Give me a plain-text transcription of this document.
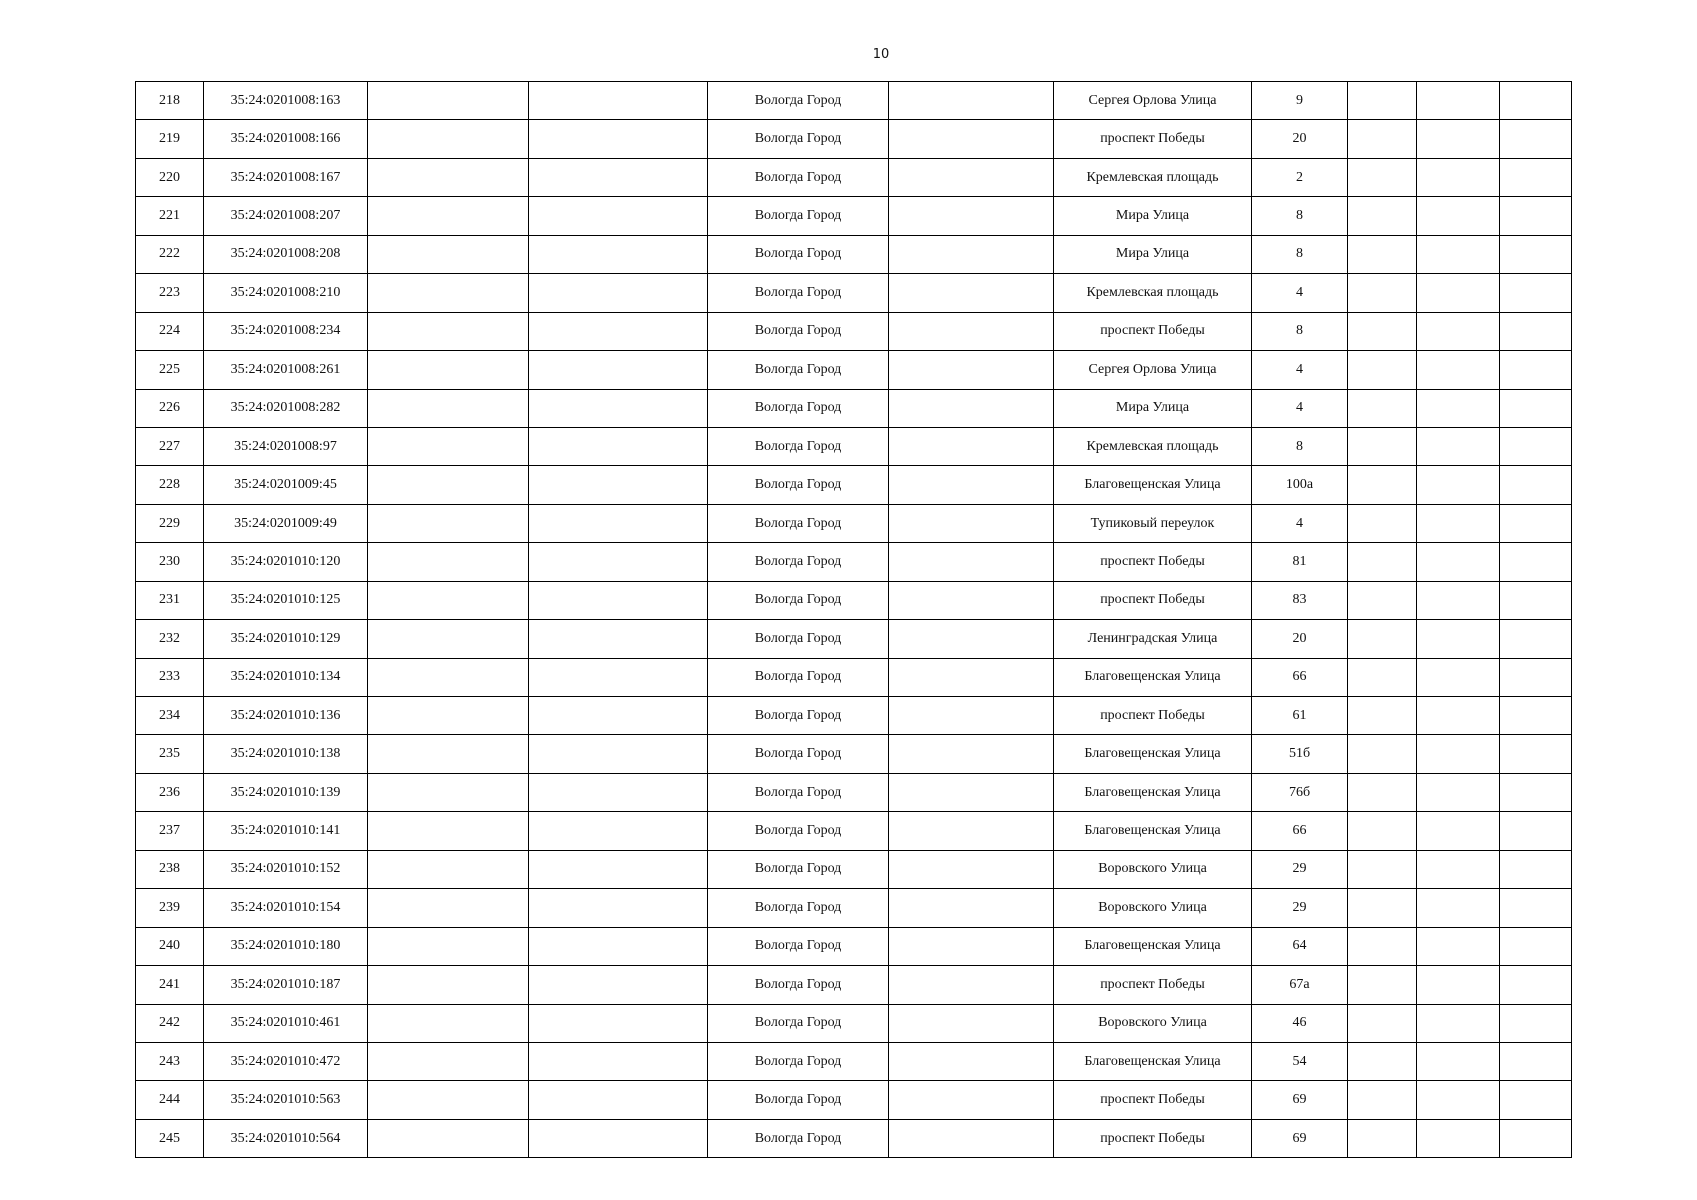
10
218	35:24:0201008:163			Вологда Город		Сергея Орлова Улица	9			
219	35:24:0201008:166			Вологда Город		проспект Победы	20			
220	35:24:0201008:167			Вологда Город		Кремлевская площадь	2			
221	35:24:0201008:207			Вологда Город		Мира Улица	8			
222	35:24:0201008:208			Вологда Город		Мира Улица	8			
223	35:24:0201008:210			Вологда Город		Кремлевская площадь	4			
224	35:24:0201008:234			Вологда Город		проспект Победы	8			
225	35:24:0201008:261			Вологда Город		Сергея Орлова Улица	4			
226	35:24:0201008:282			Вологда Город		Мира Улица	4			
227	35:24:0201008:97			Вологда Город		Кремлевская площадь	8			
228	35:24:0201009:45			Вологда Город		Благовещенская Улица	100а			
229	35:24:0201009:49			Вологда Город		Тупиковый переулок	4			
230	35:24:0201010:120			Вологда Город		проспект Победы	81			
231	35:24:0201010:125			Вологда Город		проспект Победы	83			
232	35:24:0201010:129			Вологда Город		Ленинградская Улица	20			
233	35:24:0201010:134			Вологда Город		Благовещенская Улица	66			
234	35:24:0201010:136			Вологда Город		проспект Победы	61			
235	35:24:0201010:138			Вологда Город		Благовещенская Улица	51б			
236	35:24:0201010:139			Вологда Город		Благовещенская Улица	76б			
237	35:24:0201010:141			Вологда Город		Благовещенская Улица	66			
238	35:24:0201010:152			Вологда Город		Воровского Улица	29			
239	35:24:0201010:154			Вологда Город		Воровского Улица	29			
240	35:24:0201010:180			Вологда Город		Благовещенская Улица	64			
241	35:24:0201010:187			Вологда Город		проспект Победы	67а			
242	35:24:0201010:461			Вологда Город		Воровского Улица	46			
243	35:24:0201010:472			Вологда Город		Благовещенская Улица	54			
244	35:24:0201010:563			Вологда Город		проспект Победы	69			
245	35:24:0201010:564			Вологда Город		проспект Победы	69			
